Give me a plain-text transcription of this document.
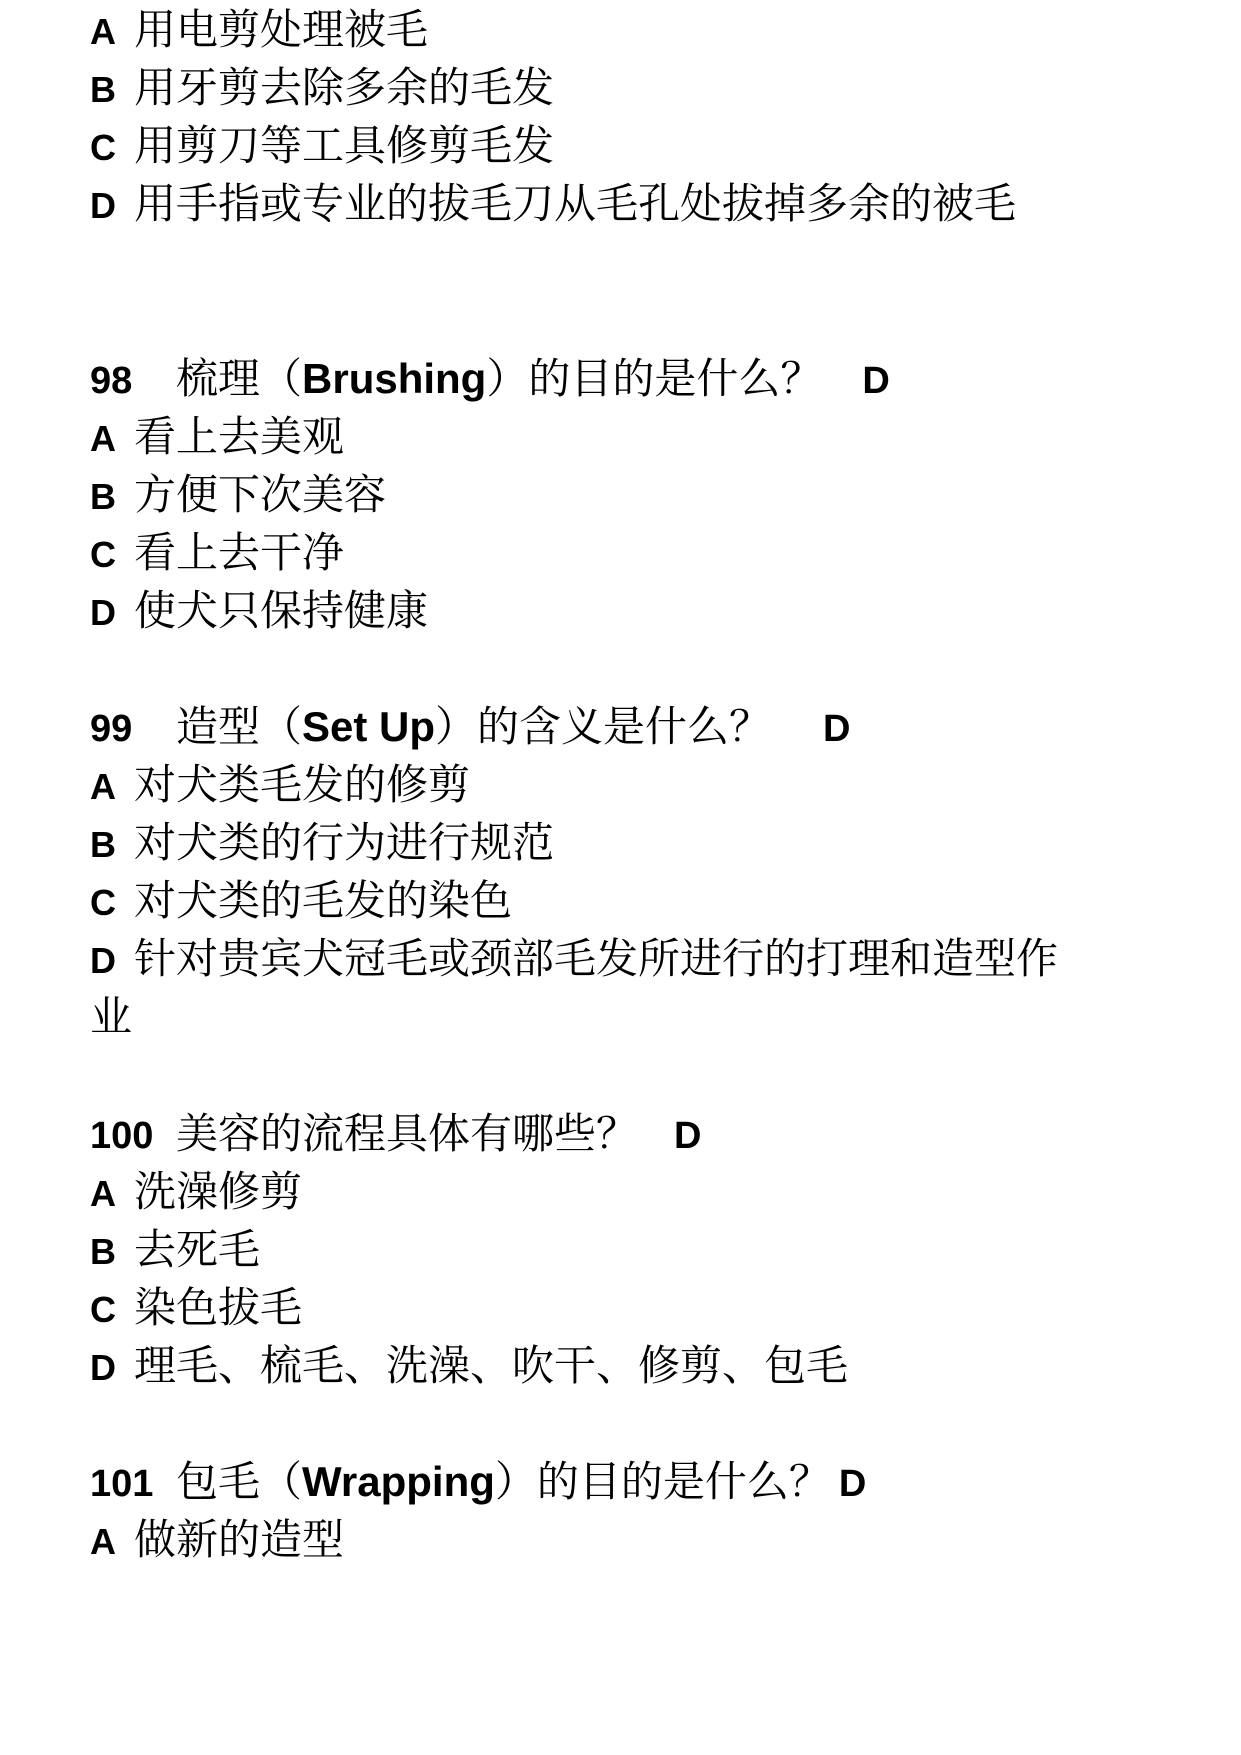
A 用电剪处理被毛
B 用牙剪去除多余的毛发
C 用剪刀等工具修剪毛发
D 用手指或专业的拔毛刀从毛孔处拔掉多余的被毛
98 梳理（Brushing）的目的是什么？ D
A 看上去美观
B 方便下次美容
C 看上去干净
D 使犬只保持健康
99 造型（Set Up）的含义是什么？ D
A 对犬类毛发的修剪
B 对犬类的行为进行规范
C 对犬类的毛发的染色
D 针对贵宾犬冠毛或颈部毛发所进行的打理和造型作
业
100 美容的流程具体有哪些？ D
A 洗澡修剪
B 去死毛
C 染色拔毛
D 理毛、梳毛、洗澡、吹干、修剪、包毛
101 包毛（Wrapping）的目的是什么？ D
A 做新的造型
